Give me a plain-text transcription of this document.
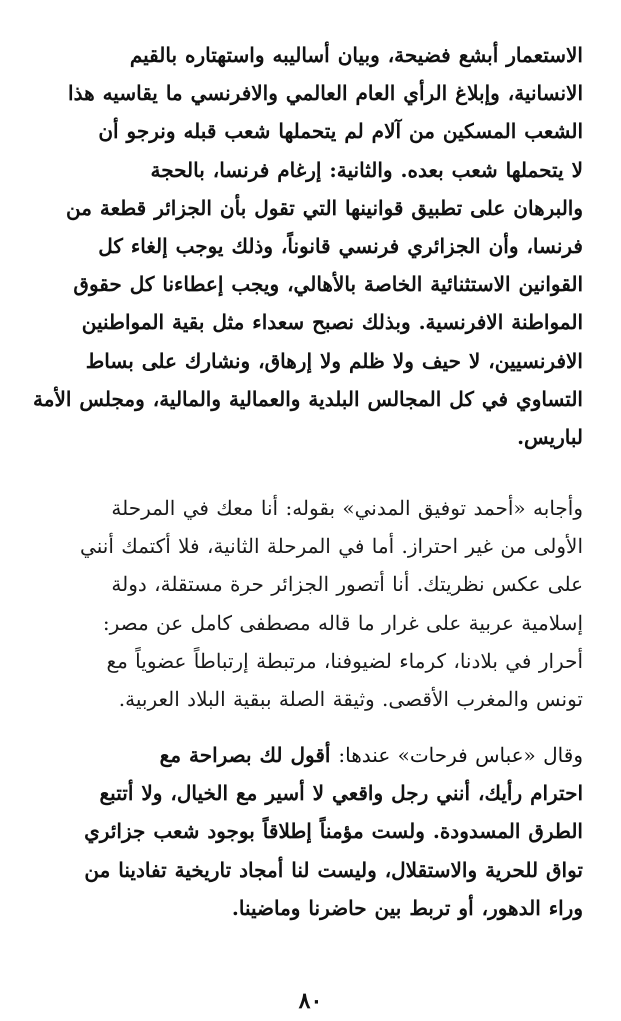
الاستعمار أبشع فضيحة، وبيان أساليبه واستهتاره بالقيم
الانسانية، وإبلاغ الرأي العام العالمي والافرنسي ما يقاسيه هذا
الشعب المسكين من آلام لم يتحملها شعب قبله ونرجو أن
لا يتحملها شعب بعده. والثانية: إرغام فرنسا، بالحجة
والبرهان على تطبيق قوانينها التي تقول بأن الجزائر قطعة من
فرنسا، وأن الجزائري فرنسي قانوناً، وذلك يوجب إلغاء كل
القوانين الاستثنائية الخاصة بالأهالي، ويجب إعطاءنا كل حقوق
المواطنة الافرنسية. وبذلك نصبح سعداء مثل بقية المواطنين
الافرنسيين، لا حيف ولا ظلم ولا إرهاق، ونشارك على بساط
التساوي في كل المجالس البلدية والعمالية والمالية، ومجلس الأمة
لباريس.

وأجابه «أحمد توفيق المدني» بقوله: أنا معك في المرحلة
الأولى من غير احتراز. أما في المرحلة الثانية، فلا أكتمك أنني
على عكس نظريتك. أنا أتصور الجزائر حرة مستقلة، دولة
إسلامية عربية على غرار ما قاله مصطفى كامل عن مصر:
أحرار في بلادنا، كرماء لضيوفنا، مرتبطة إرتباطاً عضوياً مع
تونس والمغرب الأقصى. وثيقة الصلة ببقية البلاد العربية.

وقال «عباس فرحات» عندها: أقول لك بصراحة مع
احترام رأيك، أنني رجل واقعي لا أسير مع الخيال، ولا أتتبع
الطرق المسدودة. ولست مؤمناً إطلاقاً بوجود شعب جزائري
تواق للحرية والاستقلال، وليست لنا أمجاد تاريخية تفادينا من
وراء الدهور، أو تربط بين حاضرنا وماضينا.

٨٠
